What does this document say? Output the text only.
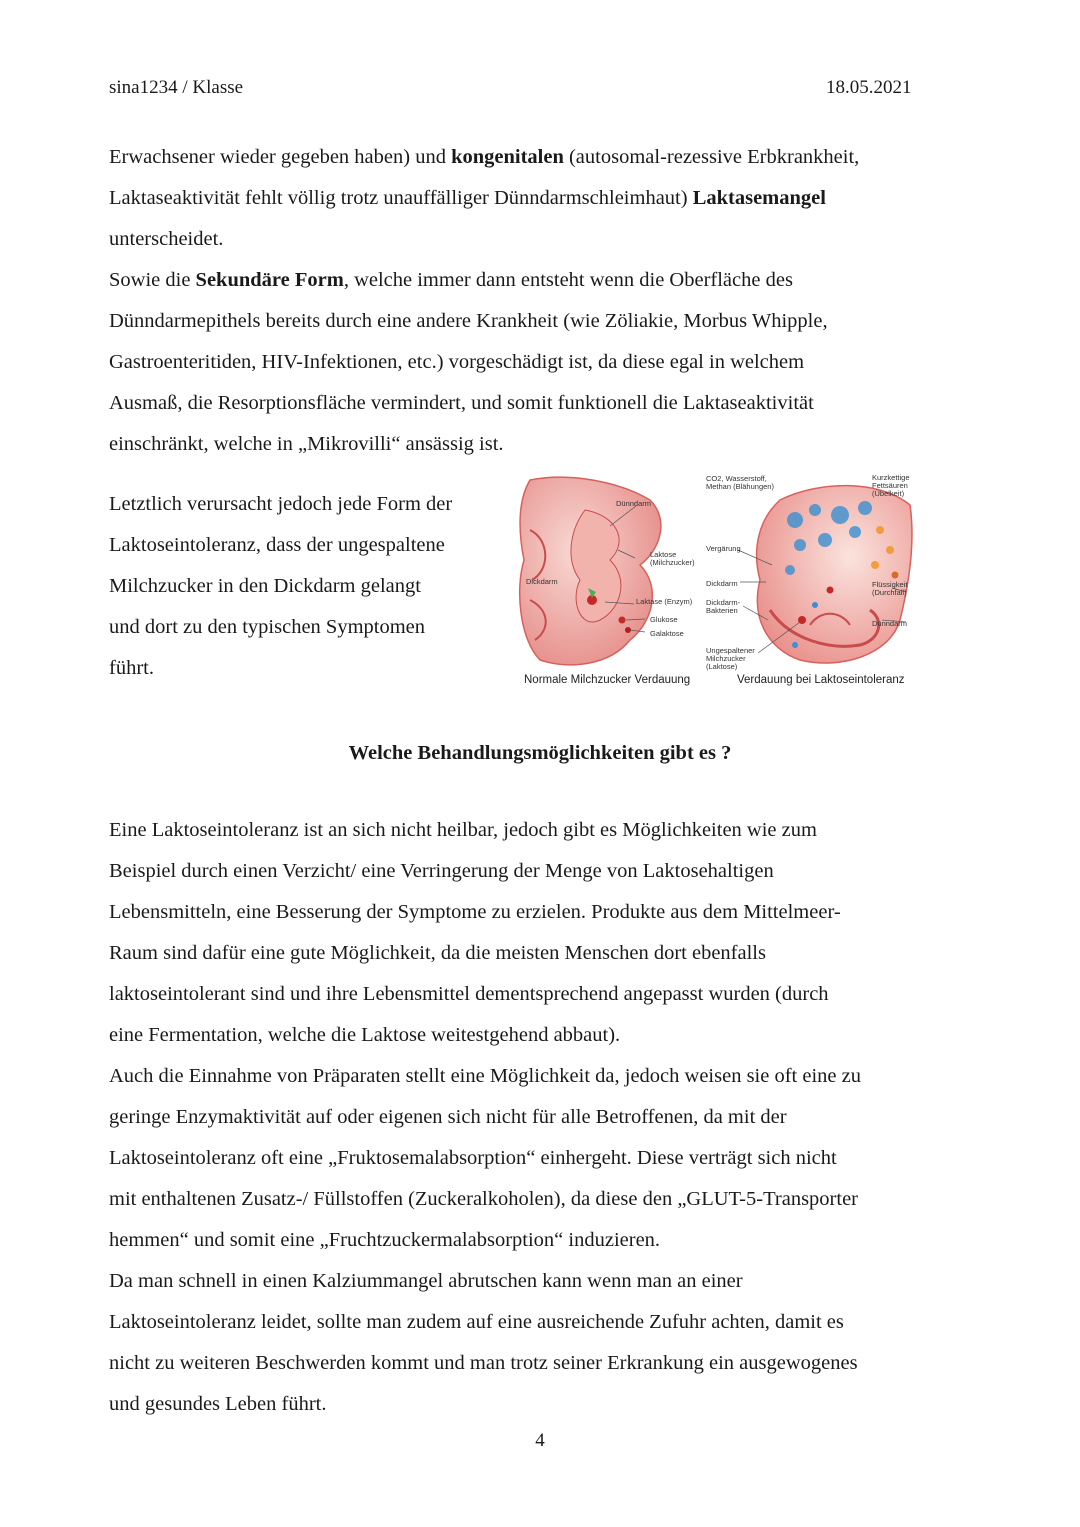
sina1234 / Klasse	18.05.2021
Erwachsener wieder gegeben haben) und kongenitalen (autosomal-rezessive Erbkrankheit,
Laktaseaktivität fehlt völlig trotz unauffälliger Dünndarmschleimhaut) Laktasemangel
unterscheidet.
Sowie die Sekundäre Form, welche immer dann entsteht wenn die Oberfläche des
Dünndarmepithels bereits durch eine andere Krankheit (wie Zöliakie, Morbus Whipple,
Gastroenteritiden, HIV-Infektionen, etc.) vorgeschädigt ist, da diese egal in welchem
Ausmaß, die Resorptionsfläche vermindert, und somit funktionell die Laktaseaktivität
einschränkt, welche in „Mikrovilli“ ansässig ist.
Letztlich verursacht jedoch jede Form der
Laktoseintoleranz, dass der ungespaltene
Milchzucker in den Dickdarm gelangt
und dort zu den typischen Symptomen
führt.
Dünndarm
Dickdarm
Laktose
(Milchzucker)
Laktase (Enzym)
Glukose
Galaktose
CO2, Wasserstoff,
Methan (Blähungen)
Vergärung
Dickdarm
Dickdarm-
Bakterien
Ungespaltener
Milchzucker
(Laktose)
Kurzkettige
Fettsäuren
(Übelkeit)
Flüssigkeit
(Durchfall)
Dünndarm
Normale Milchzucker Verdauung	Verdauung bei Laktoseintoleranz
Welche Behandlungsmöglichkeiten gibt es ?
Eine Laktoseintoleranz ist an sich nicht heilbar, jedoch gibt es Möglichkeiten wie zum
Beispiel durch einen Verzicht/ eine Verringerung der Menge von Laktosehaltigen
Lebensmitteln, eine Besserung der Symptome zu erzielen. Produkte aus dem Mittelmeer-
Raum sind dafür eine gute Möglichkeit, da die meisten Menschen dort ebenfalls
laktoseintolerant sind und ihre Lebensmittel dementsprechend angepasst wurden (durch
eine Fermentation, welche die Laktose weitestgehend abbaut).
Auch die Einnahme von Präparaten stellt eine Möglichkeit da, jedoch weisen sie oft eine zu
geringe Enzymaktivität auf oder eigenen sich nicht für alle Betroffenen, da mit der
Laktoseintoleranz oft eine „Fruktosemalabsorption“ einhergeht. Diese verträgt sich nicht
mit enthaltenen Zusatz-/ Füllstoffen (Zuckeralkoholen), da diese den „GLUT-5-Transporter
hemmen“ und somit eine „Fruchtzuckermalabsorption“ induzieren.
Da man schnell in einen Kalziummangel abrutschen kann wenn man an einer
Laktoseintoleranz leidet, sollte man zudem auf eine ausreichende Zufuhr achten, damit es
nicht zu weiteren Beschwerden kommt und man trotz seiner Erkrankung ein ausgewogenes
und gesundes Leben führt.
4
